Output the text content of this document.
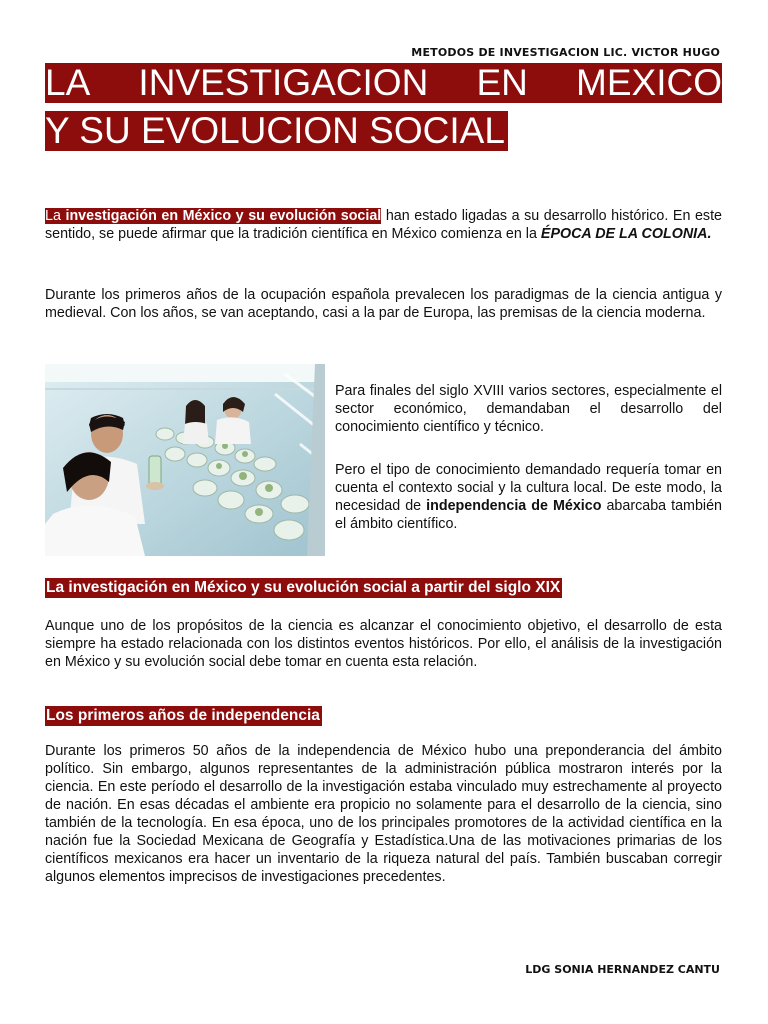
METODOS DE INVESTIGACION LIC. VICTOR HUGO
LA INVESTIGACION EN MEXICO
Y SU EVOLUCION SOCIAL

La investigación en México y su evolución social han estado ligadas a su desarrollo histórico. En este sentido, se puede afirmar que la tradición científica en México comienza en la ÉPOCA DE LA COLONIA.

Durante los primeros años de la ocupación española prevalecen los paradigmas de la ciencia antigua y medieval. Con los años, se van aceptando, casi a la par de Europa, las premisas de la ciencia moderna.

Para finales del siglo XVIII varios sectores, especialmente el sector económico, demandaban el desarrollo del conocimiento científico y técnico.

Pero el tipo de conocimiento demandado requería tomar en cuenta el contexto social y la cultura local. De este modo, la necesidad de independencia de México abarcaba también el ámbito científico.

La investigación en México y su evolución social a partir del siglo XIX

Aunque uno de los propósitos de la ciencia es alcanzar el conocimiento objetivo, el desarrollo de esta siempre ha estado relacionada con los distintos eventos históricos. Por ello, el análisis de la investigación en México y su evolución social debe tomar en cuenta esta relación.

Los primeros años de independencia

Durante los primeros 50 años de la independencia de México hubo una preponderancia del ámbito político. Sin embargo, algunos representantes de la administración pública mostraron interés por la ciencia. En este período el desarrollo de la investigación estaba vinculado muy estrechamente al proyecto de nación. En esas décadas el ambiente era propicio no solamente para el desarrollo de la ciencia, sino también de la tecnología. En esa época, uno de los principales promotores de la actividad científica en la nación fue la Sociedad Mexicana de Geografía y Estadística.Una de las motivaciones primarias de los científicos mexicanos era hacer un inventario de la riqueza natural del país. También buscaban corregir algunos elementos imprecisos de investigaciones precedentes.

LDG SONIA HERNANDEZ CANTU
